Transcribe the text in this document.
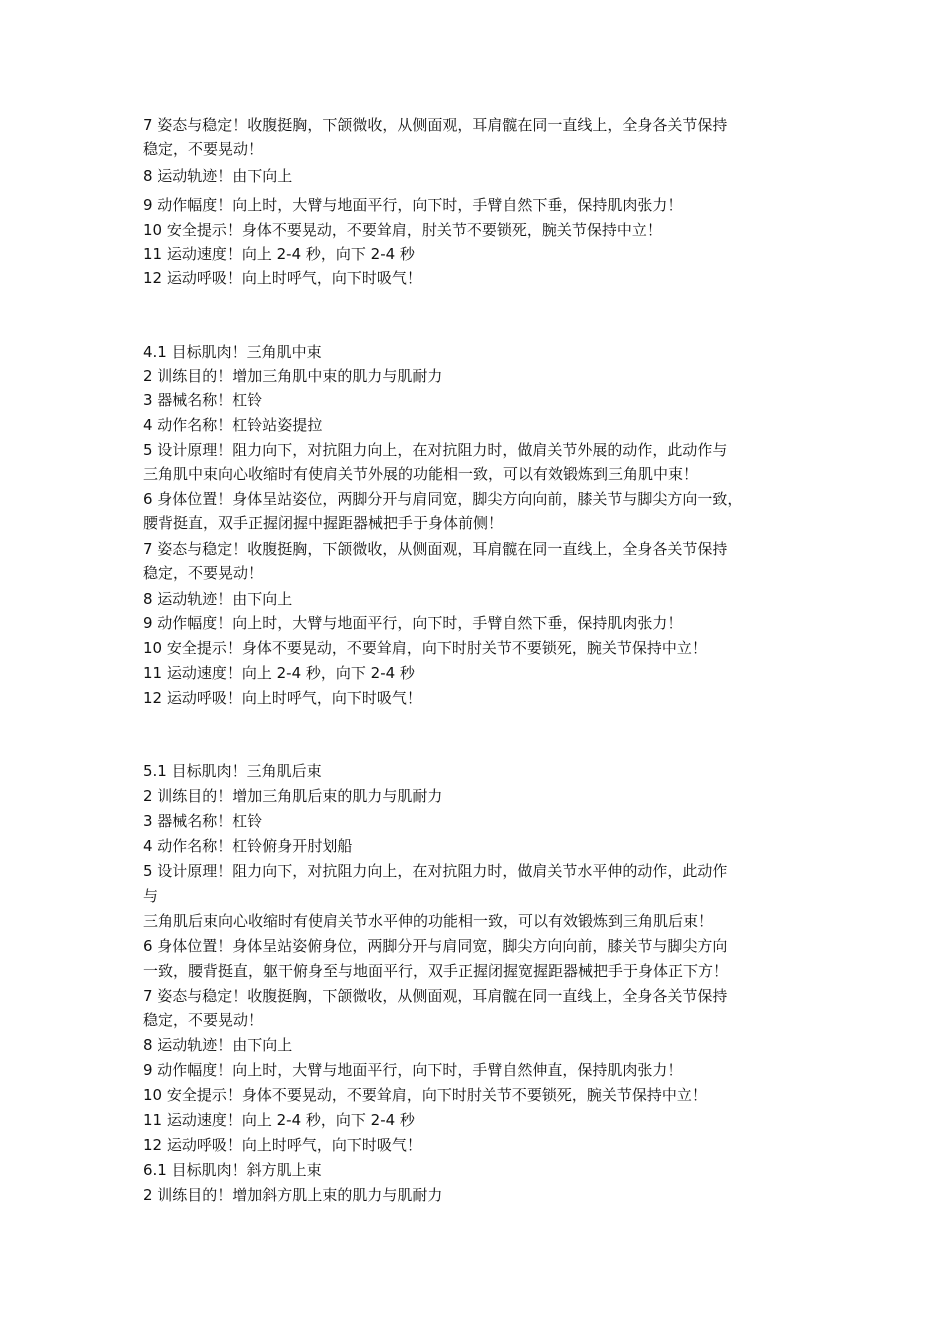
7 姿态与稳定！收腹挺胸，下颌微收，从侧面观，耳肩髋在同一直线上，全身各关节保持
稳定，不要晃动！
8 运动轨迹！由下向上
9 动作幅度！向上时，大臂与地面平行，向下时，手臂自然下垂，保持肌肉张力！
10 安全提示！身体不要晃动，不要耸肩，肘关节不要锁死，腕关节保持中立！
11 运动速度！向上 2-4 秒，向下 2-4 秒
12 运动呼吸！向上时呼气，向下时吸气！
4.1 目标肌肉！三角肌中束
2 训练目的！增加三角肌中束的肌力与肌耐力
3 器械名称！杠铃
4 动作名称！杠铃站姿提拉
5 设计原理！阻力向下，对抗阻力向上，在对抗阻力时，做肩关节外展的动作，此动作与
三角肌中束向心收缩时有使肩关节外展的功能相一致，可以有效锻炼到三角肌中束！
6 身体位置！身体呈站姿位，两脚分开与肩同宽，脚尖方向向前，膝关节与脚尖方向一致，
腰背挺直，双手正握闭握中握距器械把手于身体前侧！
7 姿态与稳定！收腹挺胸，下颌微收，从侧面观，耳肩髋在同一直线上，全身各关节保持
稳定，不要晃动！
8 运动轨迹！由下向上
9 动作幅度！向上时，大臂与地面平行，向下时，手臂自然下垂，保持肌肉张力！
10 安全提示！身体不要晃动，不要耸肩，向下时肘关节不要锁死，腕关节保持中立！
11 运动速度！向上 2-4 秒，向下 2-4 秒
12 运动呼吸！向上时呼气，向下时吸气！
5.1 目标肌肉！三角肌后束
2 训练目的！增加三角肌后束的肌力与肌耐力
3 器械名称！杠铃
4 动作名称！杠铃俯身开肘划船
5 设计原理！阻力向下，对抗阻力向上，在对抗阻力时，做肩关节水平伸的动作，此动作
与
三角肌后束向心收缩时有使肩关节水平伸的功能相一致，可以有效锻炼到三角肌后束！
6 身体位置！身体呈站姿俯身位，两脚分开与肩同宽，脚尖方向向前，膝关节与脚尖方向
一致，腰背挺直，躯干俯身至与地面平行，双手正握闭握宽握距器械把手于身体正下方！
7 姿态与稳定！收腹挺胸，下颌微收，从侧面观，耳肩髋在同一直线上，全身各关节保持
稳定，不要晃动！
8 运动轨迹！由下向上
9 动作幅度！向上时，大臂与地面平行，向下时，手臂自然伸直，保持肌肉张力！
10 安全提示！身体不要晃动，不要耸肩，向下时肘关节不要锁死，腕关节保持中立！
11 运动速度！向上 2-4 秒，向下 2-4 秒
12 运动呼吸！向上时呼气，向下时吸气！
6.1 目标肌肉！斜方肌上束
2 训练目的！增加斜方肌上束的肌力与肌耐力
